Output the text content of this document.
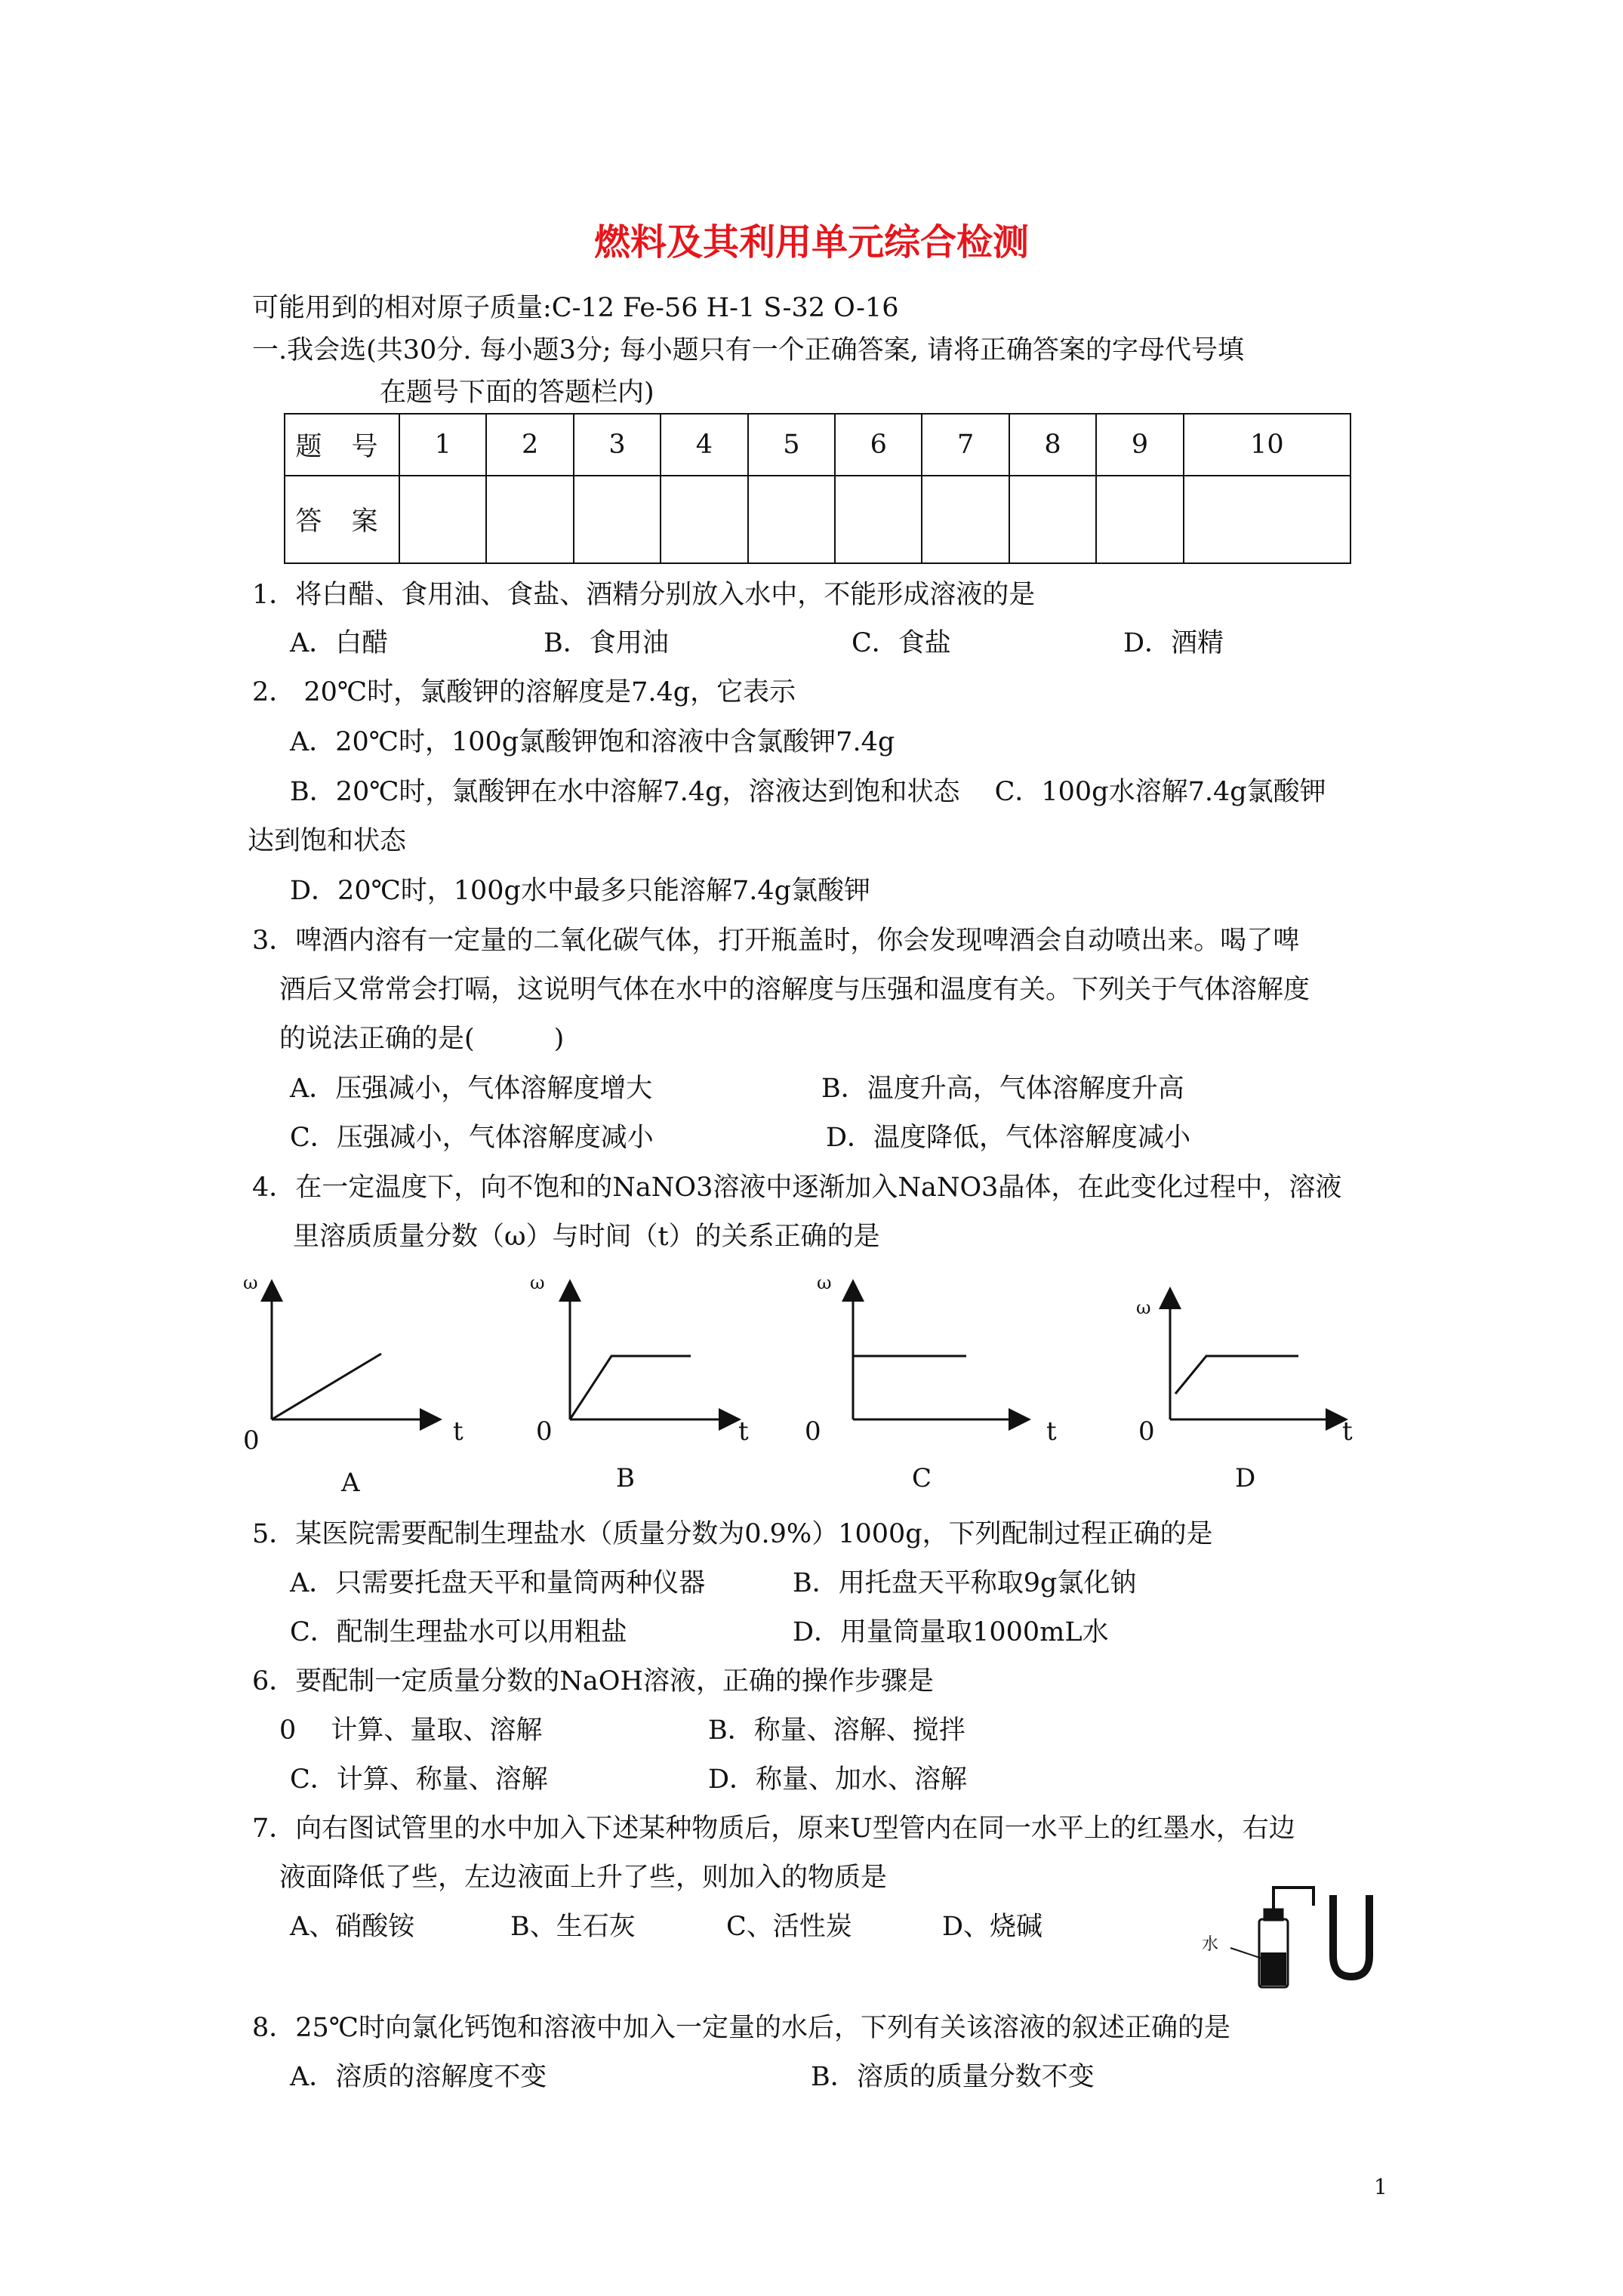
燃料及其利用单元综合检测
可能用到的相对原子质量:C-12 Fe-56 H-1 S-32 O-16
一.我会选(共30分. 每小题3分; 每小题只有一个正确答案, 请将正确答案的字母代号填
在题号下面的答题栏内)
题 号	1	2	3	4	5	6	7	8	9	10
答 案										
1．将白醋、食用油、食盐、酒精分别放入水中，不能形成溶液的是
A．白醋	B．食用油	C．食盐	D．酒精
2． 20℃时，氯酸钾的溶解度是7.4g，它表示
A．20℃时，100g氯酸钾饱和溶液中含氯酸钾7.4g
B．20℃时，氯酸钾在水中溶解7.4g，溶液达到饱和状态　 C．100g水溶解7.4g氯酸钾
达到饱和状态
D．20℃时，100g水中最多只能溶解7.4g氯酸钾
3．啤酒内溶有一定量的二氧化碳气体，打开瓶盖时，你会发现啤酒会自动喷出来。喝了啤
酒后又常常会打嗝，这说明气体在水中的溶解度与压强和温度有关。下列关于气体溶解度
的说法正确的是(　　　)
A．压强减小，气体溶解度增大	B．温度升高，气体溶解度升高
C．压强减小，气体溶解度减小	D．温度降低，气体溶解度减小
4．在一定温度下，向不饱和的NaNO3溶液中逐渐加入NaNO3晶体，在此变化过程中，溶液
里溶质质量分数（ω）与时间（t）的关系正确的是
ω
0	t
A
ω
0	t
B
ω
0	t
C
ω
0	t
D
5．某医院需要配制生理盐水（质量分数为0.9%）1000g，下列配制过程正确的是
A．只需要托盘天平和量筒两种仪器	B．用托盘天平称取9g氯化钠
C．配制生理盐水可以用粗盐	D．用量筒量取1000mL水
6．要配制一定质量分数的NaOH溶液，正确的操作步骤是
0　 计算、量取、溶解	B．称量、溶解、搅拌
C．计算、称量、溶解	D．称量、加水、溶解
7．向右图试管里的水中加入下述某种物质后，原来U型管内在同一水平上的红墨水，右边
液面降低了些，左边液面上升了些，则加入的物质是
A、硝酸铵	B、生石灰	C、活性炭	D、烧碱
水
8．25℃时向氯化钙饱和溶液中加入一定量的水后，下列有关该溶液的叙述正确的是
A．溶质的溶解度不变	B．溶质的质量分数不变
1
